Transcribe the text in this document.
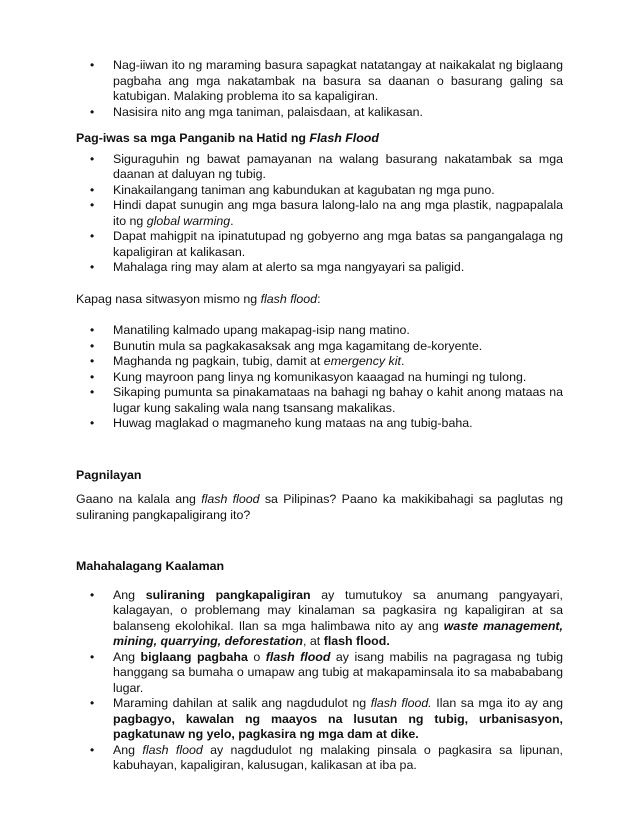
• Nag-iiwan ito ng maraming basura sapagkat natatangay at naikakalat ng biglaang pagbaha ang mga nakatambak na basura sa daanan o basurang galing sa katubigan. Malaking problema ito sa kapaligiran.
• Nasisira nito ang mga taniman, palaisdaan, at kalikasan.

Pag-iwas sa mga Panganib na Hatid ng Flash Flood

• Siguraguhin ng bawat pamayanan na walang basurang nakatambak sa mga daanan at daluyan ng tubig.
• Kinakailangang taniman ang kabundukan at kagubatan ng mga puno.
• Hindi dapat sunugin ang mga basura lalong-lalo na ang mga plastik, nagpapalala ito ng global warming.
• Dapat mahigpit na ipinatutupad ng gobyerno ang mga batas sa pangangalaga ng kapaligiran at kalikasan.
• Mahalaga ring may alam at alerto sa mga nangyayari sa paligid.

Kapag nasa sitwasyon mismo ng flash flood:

• Manatiling kalmado upang makapag-isip nang matino.
• Bunutin mula sa pagkakasaksak ang mga kagamitang de-koryente.
• Maghanda ng pagkain, tubig, damit at emergency kit.
• Kung mayroon pang linya ng komunikasyon kaaagad na humingi ng tulong.
• Sikaping pumunta sa pinakamataas na bahagi ng bahay o kahit anong mataas na lugar kung sakaling wala nang tsansang makalikas.
• Huwag maglakad o magmaneho kung mataas na ang tubig-baha.

Pagnilayan

Gaano na kalala ang flash flood sa Pilipinas? Paano ka makikibahagi sa paglutas ng suliraning pangkapaligirang ito?

Mahahalagang Kaalaman

• Ang suliraning pangkapaligiran ay tumutukoy sa anumang pangyayari, kalagayan, o problemang may kinalaman sa pagkasira ng kapaligiran at sa balanseng ekolohikal. Ilan sa mga halimbawa nito ay ang waste management, mining, quarrying, deforestation, at flash flood.
• Ang biglaang pagbaha o flash flood ay isang mabilis na pagragasa ng tubig hanggang sa bumaha o umapaw ang tubig at makapaminsala ito sa mabababang lugar.
• Maraming dahilan at salik ang nagdudulot ng flash flood. Ilan sa mga ito ay ang pagbagyo, kawalan ng maayos na lusutan ng tubig, urbanisasyon, pagkatunaw ng yelo, pagkasira ng mga dam at dike.
• Ang flash flood ay nagdudulot ng malaking pinsala o pagkasira sa lipunan, kabuhayan, kapaligiran, kalusugan, kalikasan at iba pa.
